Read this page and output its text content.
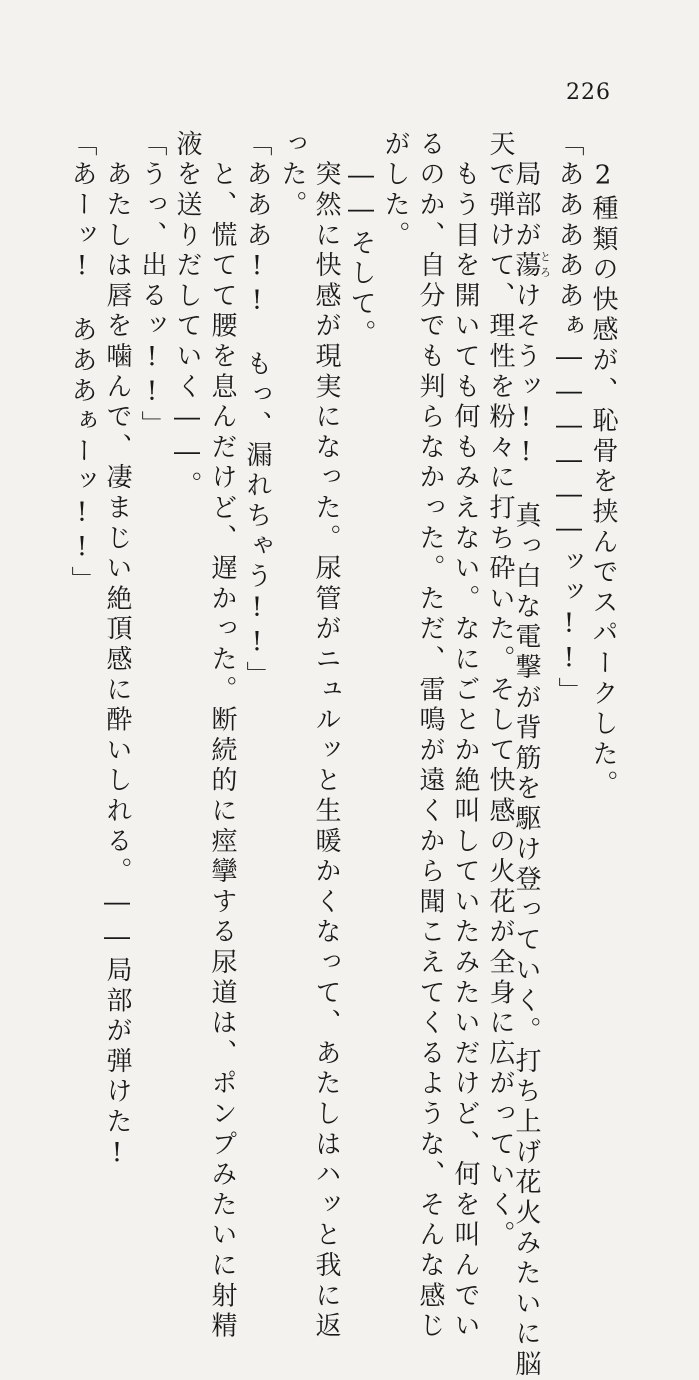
226
　2種類の快感が、恥骨を挟んでスパークした。
「あああああぁ――――――ッッ!!」
　局部が蕩とろけそうッ!!　真っ白な電撃が背筋を駆け登っていく。打ち上げ花火みたいに脳
天で弾けて、理性を粉々に打ち砕いた。そして快感の火花が全身に広がっていく。
　もう目を開いても何もみえない。なにごとか絶叫していたみたいだけど、何を叫んでい
るのか、自分でも判らなかった。ただ、雷鳴が遠くから聞こえてくるような、そんな感じ
がした。
　――そして。
　突然に快感が現実になった。尿管がニュルッと生暖かくなって、あたしはハッと我に返
った。
「あああ!!　もっ、漏れちゃう!!」
　と、慌てて腰を息んだけど、遅かった。断続的に痙攣する尿道は、ポンプみたいに射精
液を送りだしていく――。
「うっ、出るッ!!」
　あたしは唇を噛んで、凄まじい絶頂感に酔いしれる。――局部が弾けた!
「あーッ!　あああぁーッ!!」
